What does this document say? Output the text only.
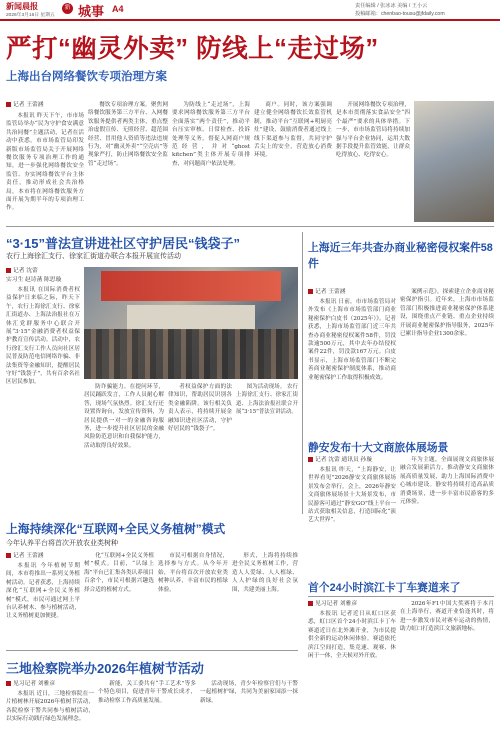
新闻晨报
2026年3月16日 星期五
新 城事 A4	责任编辑 / 张冰冰 美编 / 王小云
投稿邮箱：chenbao-tousu@jfdaily.com
严打“幽灵外卖” 防线上“走过场”
上海出台网络餐饮专项治理方案
记者 王蕾涵

本报讯 昨天下午，市市场监管局举办“民为守护食安满意共治同餐”主题活动，记者在活动中获悉，市市场监管局印发新版市场监管局关于开展网络餐饮服务专项治理工作的通知，进一步强化网络餐饮安全监管、夯实网络餐饮平台主体责任，推动形成社会共治格局，本市将在网络餐饮服务方面开展为期半年的专项治理工作。

餐饮专项治理方案。聚焦网络餐饮服务第三方平台、入网餐饮服务提供者两类主体，重点整治虚假宣传、无照经营、超范围经营、冒用他人资质等违法违规行为，对“幽灵外卖”“空壳店”等现象严打，防止网络餐饮安全监管“走过场”。

为防线上“走过场”，上海要求网络餐饮服务第三方平台全面落实“两个责任”，推动平台压实审核、日常检查、投诉处理等义务，督促入网商户规范经营，并对“ghost kitchen”类主体开展专项排查，对问题商户依法处理。

商户。同时，该方案强调建立健全网络餐饮长效监管机制，推动平台“互联网+明厨亮灶”建设，鼓励消费者通过线上线下渠道参与监督，共同守护舌尖上的安全，营造放心消费环境。

开展网络餐饮专项治理，是本市贯彻落实食品安全“四个最严”要求的具体举措。下一步，市市场监管局将持续加强与平台企业协同，运用大数据手段提升监管效能，让群众吃得放心、吃得安心。

“3·15”普法宣讲进社区守护居民“钱袋子”
农行上海徐汇支行、徐家汇街道办联合本报开展宣传活动
记者 沈蕾
实习生 赵诗菡 陈思璇

本报讯 在国际消费者权益保护日来临之际，昨天下午，农行上海徐汇支行、徐家汇街道办、上海法治报社在万体汇党群服务中心联合开展“3·15”金融消费者权益保护教育宣传活动。活动中，农行徐汇支行工作人员向社区居民普及防范电信网络诈骗、非法集资等金融知识，提醒居民守好“钱袋子”，共有百余名社区居民参加。

防诈骗能力。在提问环节，居民踊跃发言，工作人员耐心解答，现场气氛热烈。徐汇支行还设置咨询台，发放宣传资料，为居民提供一对一的金融咨询服务，进一步提升社区居民的金融风险防范意识和自我保护能力，活动取得良好效果。

者权益保护方面的法律知识，帮助居民识别各类金融陷阱。该行相关负责人表示，将持续开展金融知识进社区活动，守护好居民的“钱袋子”。

图为活动现场。 农行上海徐汇支行、徐家汇街道、上海法治报社联合开展“3·15”普法宣讲活动。

上海近三年共查办商业秘密侵权案件58件
记者 王蕾涵

本报讯 日前，市市场监管局对外发布《上海市市场监管部门商业秘密保护白皮书（2025年）》。记者获悉，上海市场监管部门近三年共查办商业秘密侵权案件58件，罚没款逾500万元，其中去年办结侵权案件22件，罚没款167万元。白皮书显示，上海市场监管部门不断完善商业秘密保护制度体系，推动商业秘密保护工作取得积极成效。

案例示范》，探索建立企业商业秘密保护指引。近年来，上海市市场监管部门积极推进商业秘密保护体系建设，围绕重点产业链、重点企业持续开展商业秘密保护指导服务，2025年已累计指导企业1300余家。

上海持续深化“互联网+全民义务植树”模式
今年认养平台将首次开放农业类树种
记者 王蕾涵

本报讯 今年植树节期间，本市将推出一系列义务植树活动。记者获悉，上海持续深化“互联网+全民义务植树”模式，市民可通过网上平台认养树木、参与植树活动，让义务植树更加便捷。

化“互联网+全民义务植树”模式。目前，“认绿上海”平台已汇集各类认养项目百余个，市民可根据兴趣选择合适的植树方式。

市民可根据自身情况，选择参与方式。从今年开始，平台将首次开放农业类树种认养，丰富市民的植绿体验。

形式，上海将持续推进全民义务植树工作，营造人人爱绿、人人植绿、人人护绿的良好社会氛围，共建美丽上海。

静安发布十大文商旅体展场景
记者 沈蕾 通讯员 孙璇

本报讯 昨天，“上海静安，让世界看见”2026静安文商旅体展场景发布会举行。会上，2026年静安文商旅体展场景十大场景发布，市民游客可通过“静安GO”线上平台一站式获取相关信息，打造国际化“演艺大世界”。

年为主题，全面展现文商旅体展融合发展新活力，推动静安文商旅体展高质量发展，助力上海国际消费中心城市建设。静安将持续打造高品质消费场景，进一步丰富市民游客的多元体验。

首个24小时滨江卡丁车赛道来了
见习记者 刘雅彦

本报讯 记者近日从虹口区获悉，虹口区首个24小时滨江卡丁车赛道近日在北外滩开业，为市民提供全新的运动休闲体验。赛道依托滨江空间打造，集竞速、观赛、休闲于一体，全天候对外开放。

2026年F1中国大奖赛将于本月在上海举行，赛道开业恰逢其时，将进一步激发市民对赛车运动的热情，助力虹口打造滨江文旅新地标。

三地检察院举办2026年植树节活动
见习记者 刘雅彦

本报讯 近日，三地检察院在一片植树林开展2026年植树节活动，各院检察干警共同参与植树活动，以实际行动践行绿色发展理念。

新能，关工委共有“手工艺术”等多个特色项目，促进青年干警成长成才，推动检察工作高质量发展。

活动现场，青少年检察官们与干警一起植树护绿，共同为美丽家园添一抹新绿。
